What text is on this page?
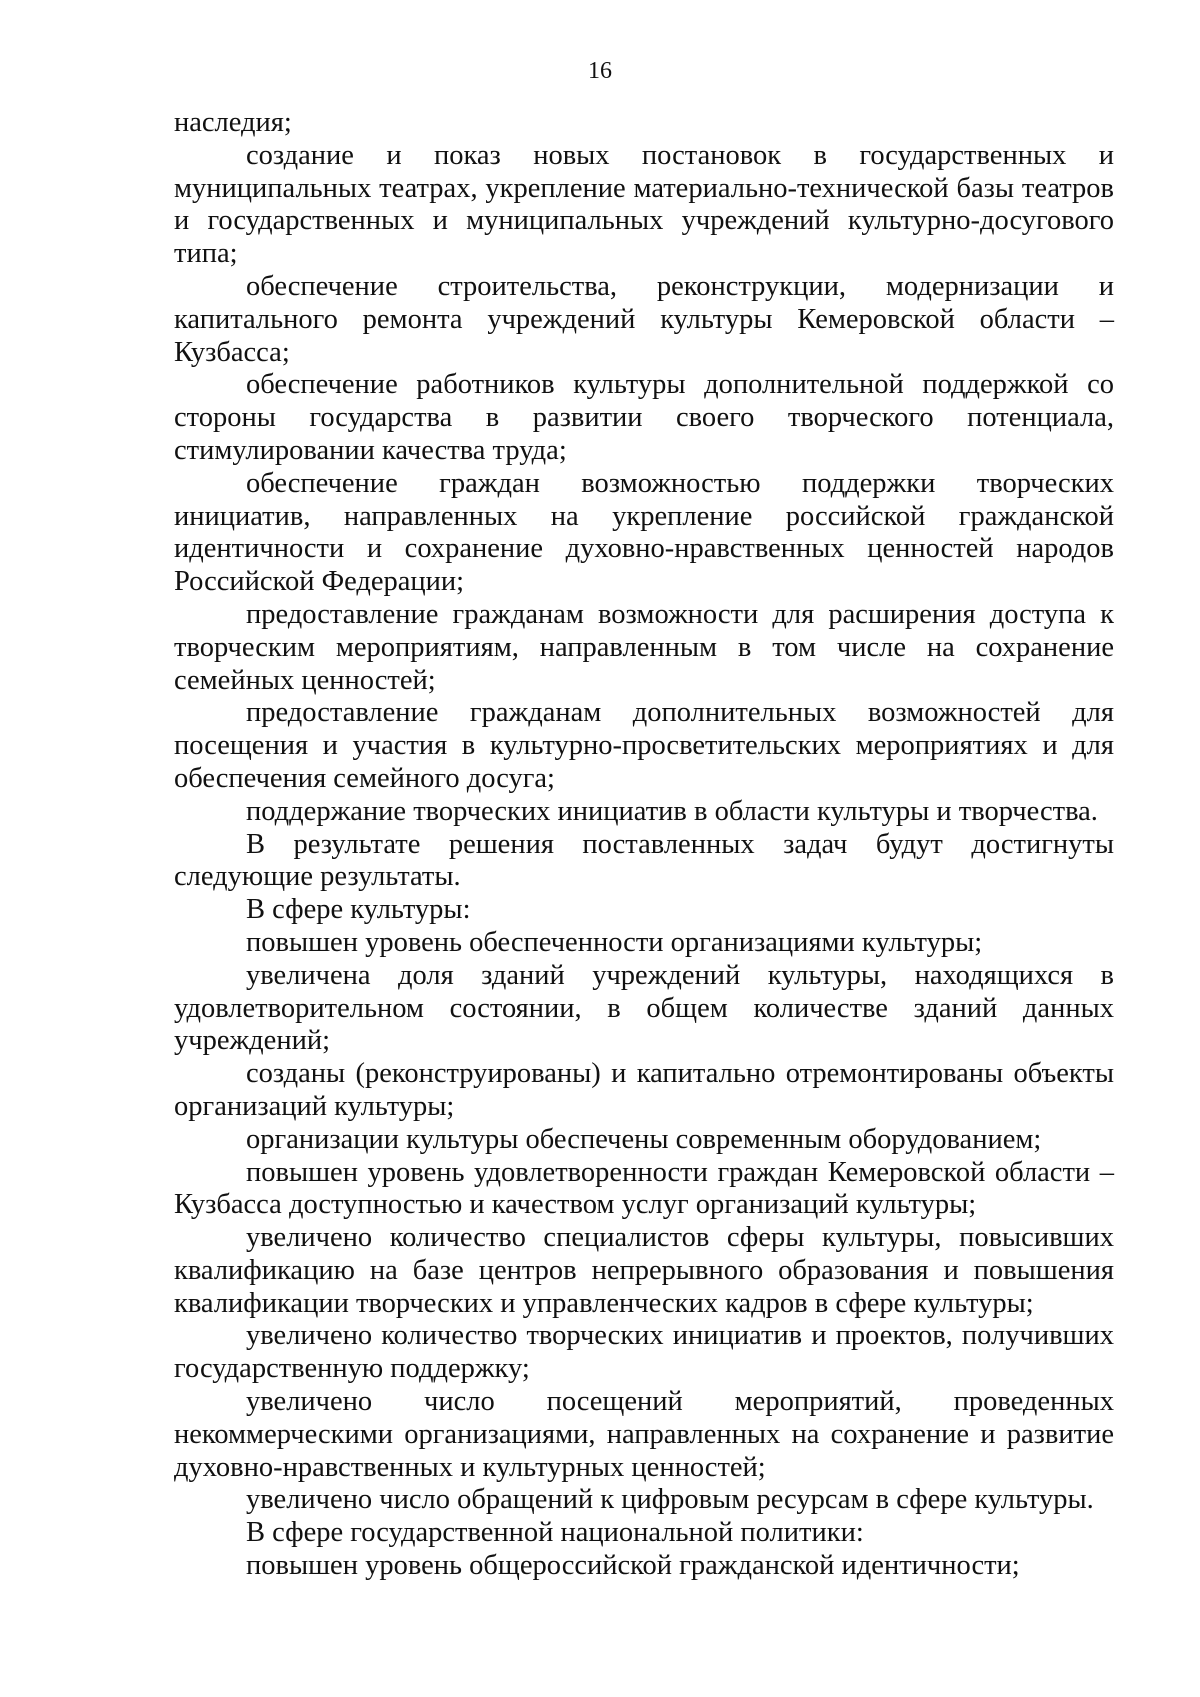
16

наследия;

создание и показ новых постановок в государственных и муниципальных театрах, укрепление материально-технической базы театров и государственных и муниципальных учреждений культурно-досугового типа;

обеспечение строительства, реконструкции, модернизации и капитального ремонта учреждений культуры Кемеровской области – Кузбасса;

обеспечение работников культуры дополнительной поддержкой со стороны государства в развитии своего творческого потенциала, стимулировании качества труда;

обеспечение граждан возможностью поддержки творческих инициатив, направленных на укрепление российской гражданской идентичности и сохранение духовно-нравственных ценностей народов Российской Федерации;

предоставление гражданам возможности для расширения доступа к творческим мероприятиям, направленным в том числе на сохранение семейных ценностей;

предоставление гражданам дополнительных возможностей для посещения и участия в культурно-просветительских мероприятиях и для обеспечения семейного досуга;

поддержание творческих инициатив в области культуры и творчества.

В результате решения поставленных задач будут достигнуты следующие результаты.

В сфере культуры:

повышен уровень обеспеченности организациями культуры;

увеличена доля зданий учреждений культуры, находящихся в удовлетворительном состоянии, в общем количестве зданий данных учреждений;

созданы (реконструированы) и капитально отремонтированы объекты организаций культуры;

организации культуры обеспечены современным оборудованием;

повышен уровень удовлетворенности граждан Кемеровской области – Кузбасса доступностью и качеством услуг организаций культуры;

увеличено количество специалистов сферы культуры, повысивших квалификацию на базе центров непрерывного образования и повышения квалификации творческих и управленческих кадров в сфере культуры;

увеличено количество творческих инициатив и проектов, получивших государственную поддержку;

увеличено число посещений мероприятий, проведенных некоммерческими организациями, направленных на сохранение и развитие духовно-нравственных и культурных ценностей;

увеличено число обращений к цифровым ресурсам в сфере культуры.

В сфере государственной национальной политики:

повышен уровень общероссийской гражданской идентичности;
